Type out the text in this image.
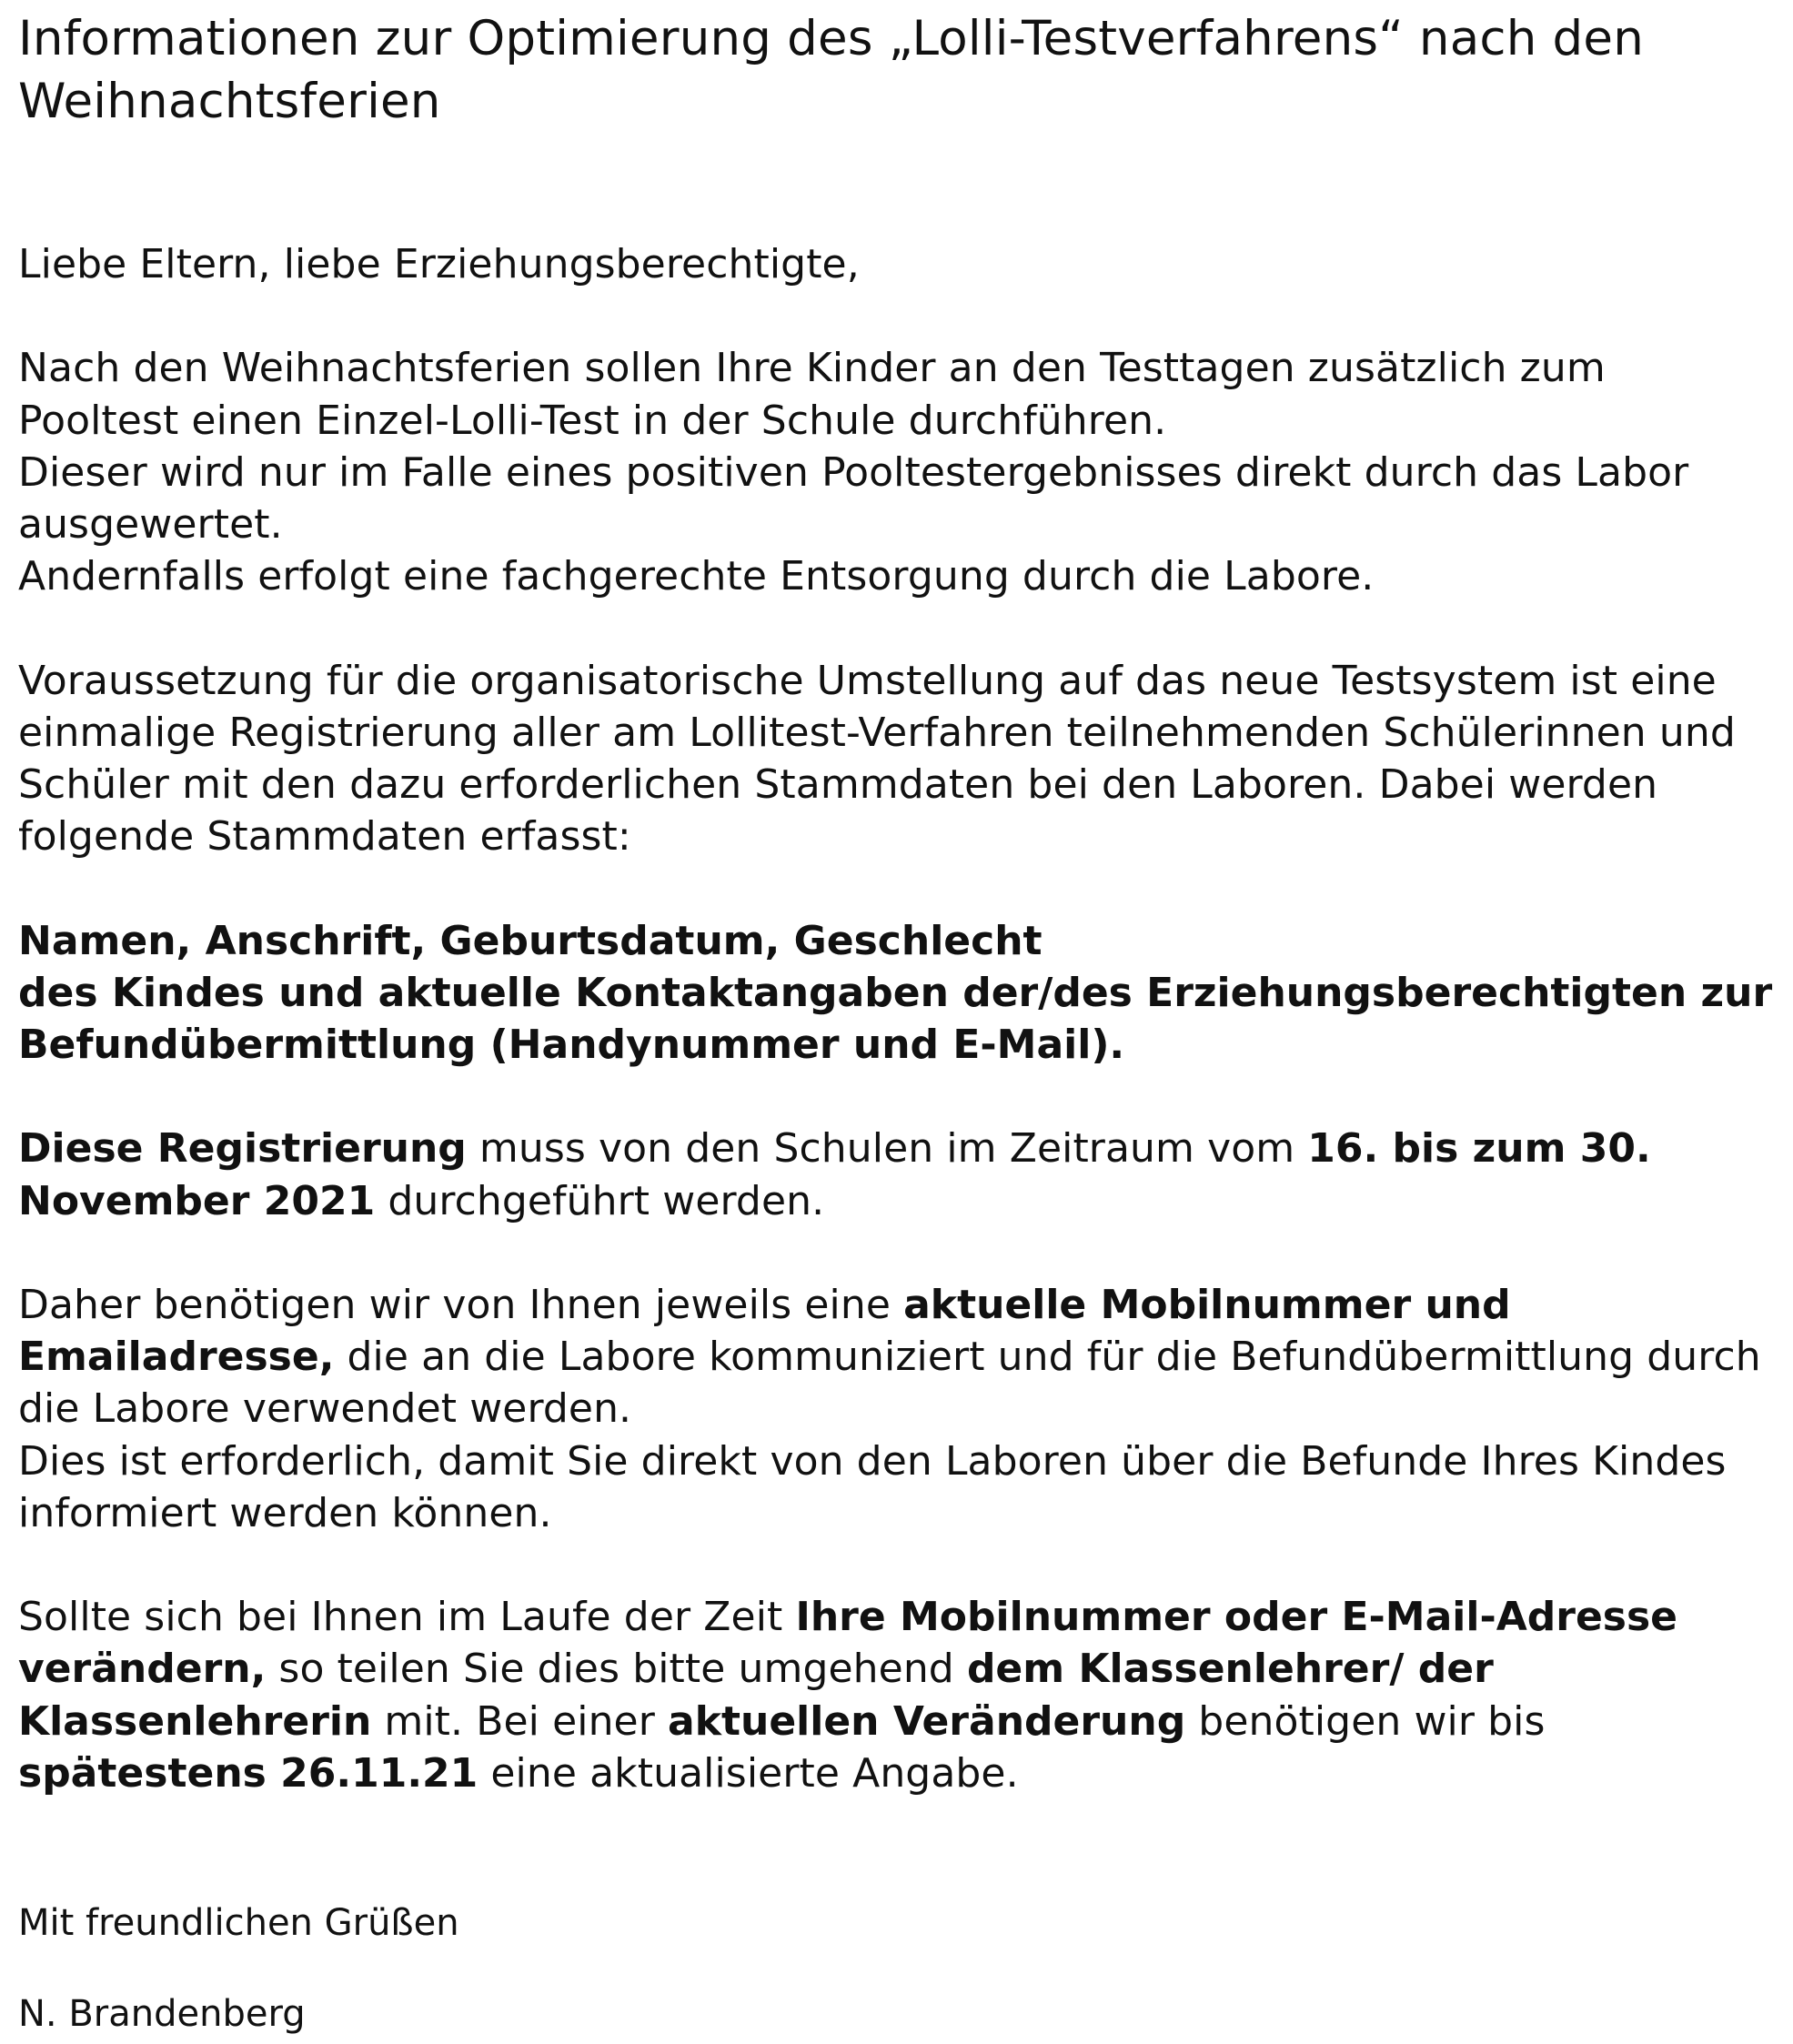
Informationen zur Optimierung des „Lolli-Testverfahrens“ nach den Weihnachtsferien

Liebe Eltern, liebe Erziehungsberechtigte,

Nach den Weihnachtsferien sollen Ihre Kinder an den Testtagen zusätzlich zum Pooltest einen Einzel-Lolli-Test in der Schule durchführen.
Dieser wird nur im Falle eines positiven Pooltestergebnisses direkt durch das Labor ausgewertet.
Andernfalls erfolgt eine fachgerechte Entsorgung durch die Labore.

Voraussetzung für die organisatorische Umstellung auf das neue Testsystem ist eine einmalige Registrierung aller am Lollitest-Verfahren teilnehmenden Schülerinnen und Schüler mit den dazu erforderlichen Stammdaten bei den Laboren. Dabei werden folgende Stammdaten erfasst:

Namen, Anschrift, Geburtsdatum, Geschlecht
des Kindes und aktuelle Kontaktangaben der/des Erziehungsberechtigten zur Befundübermittlung (Handynummer und E-Mail).

Diese Registrierung muss von den Schulen im Zeitraum vom 16. bis zum 30. November 2021 durchgeführt werden.

Daher benötigen wir von Ihnen jeweils eine aktuelle Mobilnummer und Emailadresse, die an die Labore kommuniziert und für die Befundübermittlung durch die Labore verwendet werden.
Dies ist erforderlich, damit Sie direkt von den Laboren über die Befunde Ihres Kindes informiert werden können.

Sollte sich bei Ihnen im Laufe der Zeit Ihre Mobilnummer oder E-Mail-Adresse verändern, so teilen Sie dies bitte umgehend dem Klassenlehrer/ der Klassenlehrerin mit. Bei einer aktuellen Veränderung benötigen wir bis spätestens 26.11.21 eine aktualisierte Angabe.

Mit freundlichen Grüßen
N. Brandenberg
